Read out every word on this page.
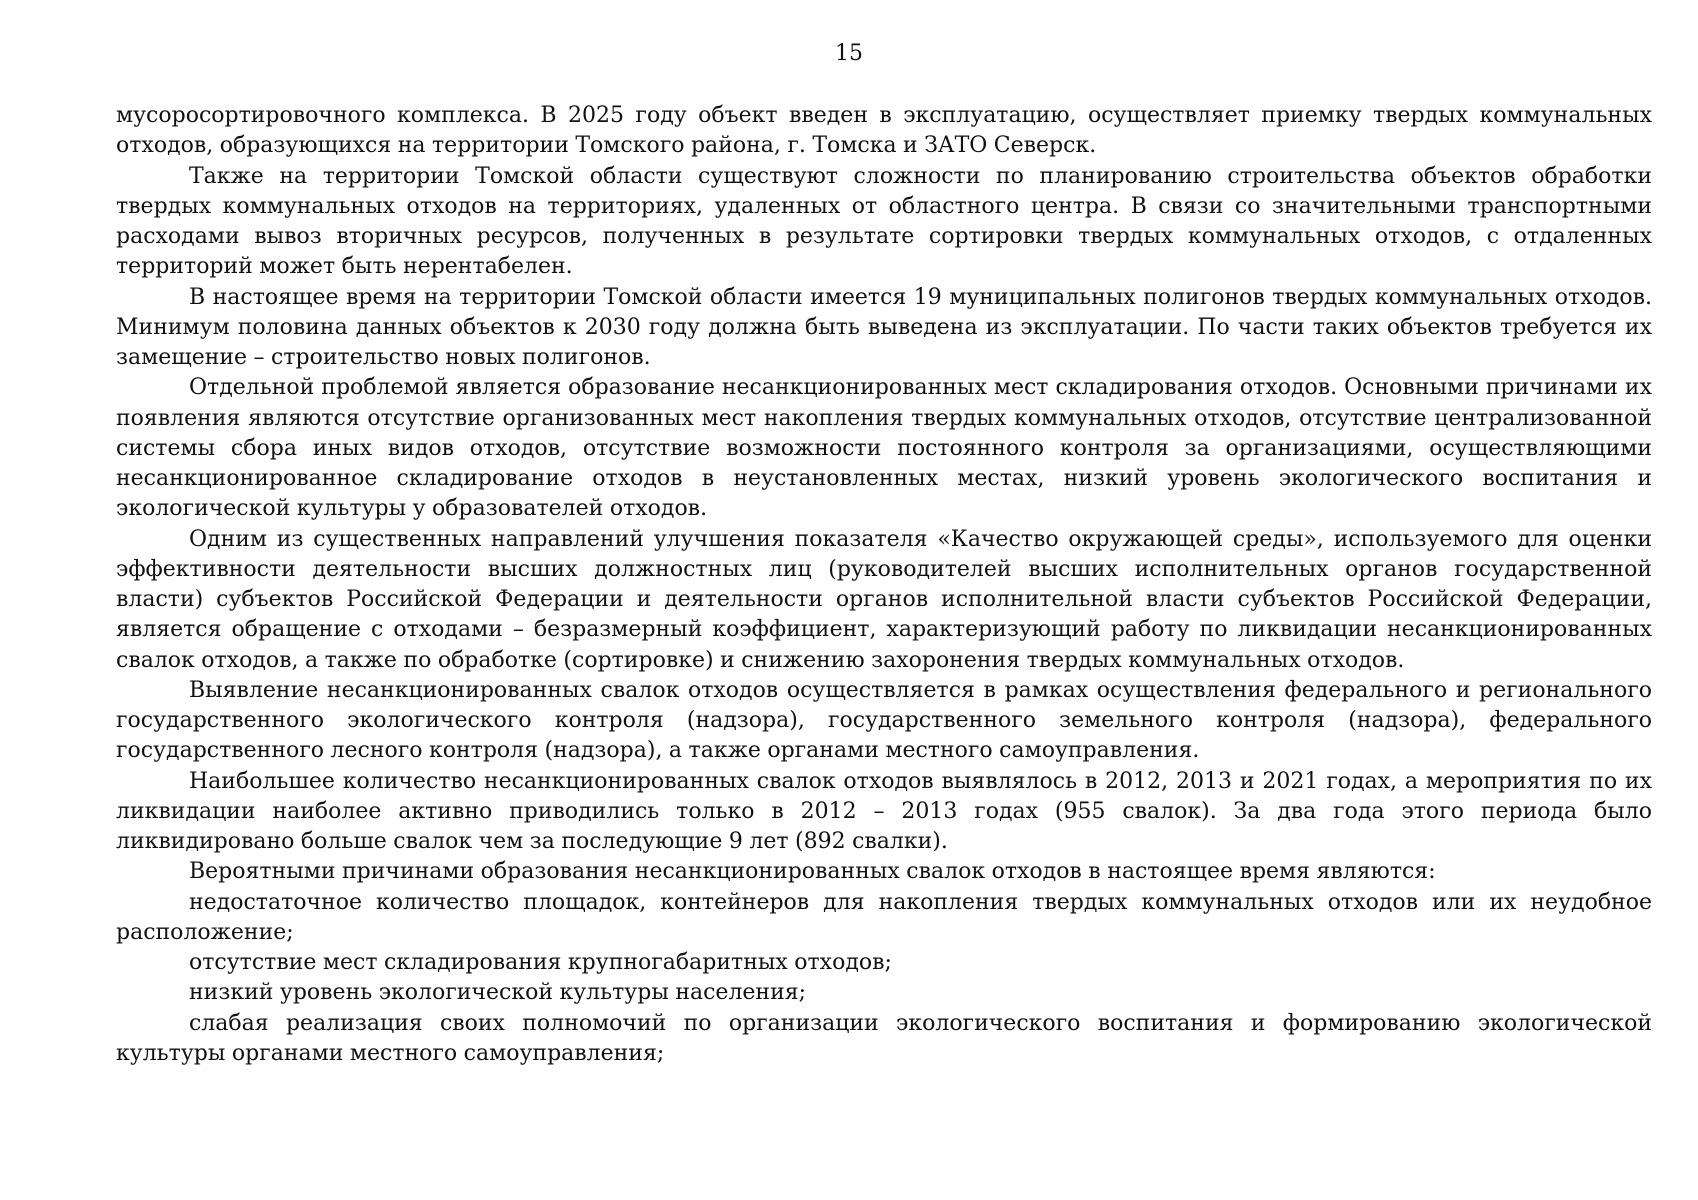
15

мусоросортировочного комплекса. В 2025 году объект введен в эксплуатацию, осуществляет приемку твердых коммунальных отходов, образующихся на территории Томского района, г. Томска и ЗАТО Северск.

Также на территории Томской области существуют сложности по планированию строительства объектов обработки твердых коммунальных отходов на территориях, удаленных от областного центра. В связи со значительными транспортными расходами вывоз вторичных ресурсов, полученных в результате сортировки твердых коммунальных отходов, с отдаленных территорий может быть нерентабелен.

В настоящее время на территории Томской области имеется 19 муниципальных полигонов твердых коммунальных отходов. Минимум половина данных объектов к 2030 году должна быть выведена из эксплуатации. По части таких объектов требуется их замещение – строительство новых полигонов.

Отдельной проблемой является образование несанкционированных мест складирования отходов. Основными причинами их появления являются отсутствие организованных мест накопления твердых коммунальных отходов, отсутствие централизованной системы сбора иных видов отходов, отсутствие возможности постоянного контроля за организациями, осуществляющими несанкционированное складирование отходов в неустановленных местах, низкий уровень экологического воспитания и экологической культуры у образователей отходов.

Одним из существенных направлений улучшения показателя «Качество окружающей среды», используемого для оценки эффективности деятельности высших должностных лиц (руководителей высших исполнительных органов государственной власти) субъектов Российской Федерации и деятельности органов исполнительной власти субъектов Российской Федерации, является обращение с отходами – безразмерный коэффициент, характеризующий работу по ликвидации несанкционированных свалок отходов, а также по обработке (сортировке) и снижению захоронения твердых коммунальных отходов.

Выявление несанкционированных свалок отходов осуществляется в рамках осуществления федерального и регионального государственного экологического контроля (надзора), государственного земельного контроля (надзора), федерального государственного лесного контроля (надзора), а также органами местного самоуправления.

Наибольшее количество несанкционированных свалок отходов выявлялось в 2012, 2013 и 2021 годах, а мероприятия по их ликвидации наиболее активно приводились только в 2012 – 2013 годах (955 свалок). За два года этого периода было ликвидировано больше свалок чем за последующие 9 лет (892 свалки).

Вероятными причинами образования несанкционированных свалок отходов в настоящее время являются:

недостаточное количество площадок, контейнеров для накопления твердых коммунальных отходов или их неудобное расположение;

отсутствие мест складирования крупногабаритных отходов;

низкий уровень экологической культуры населения;

слабая реализация своих полномочий по организации экологического воспитания и формированию экологической культуры органами местного самоуправления;
